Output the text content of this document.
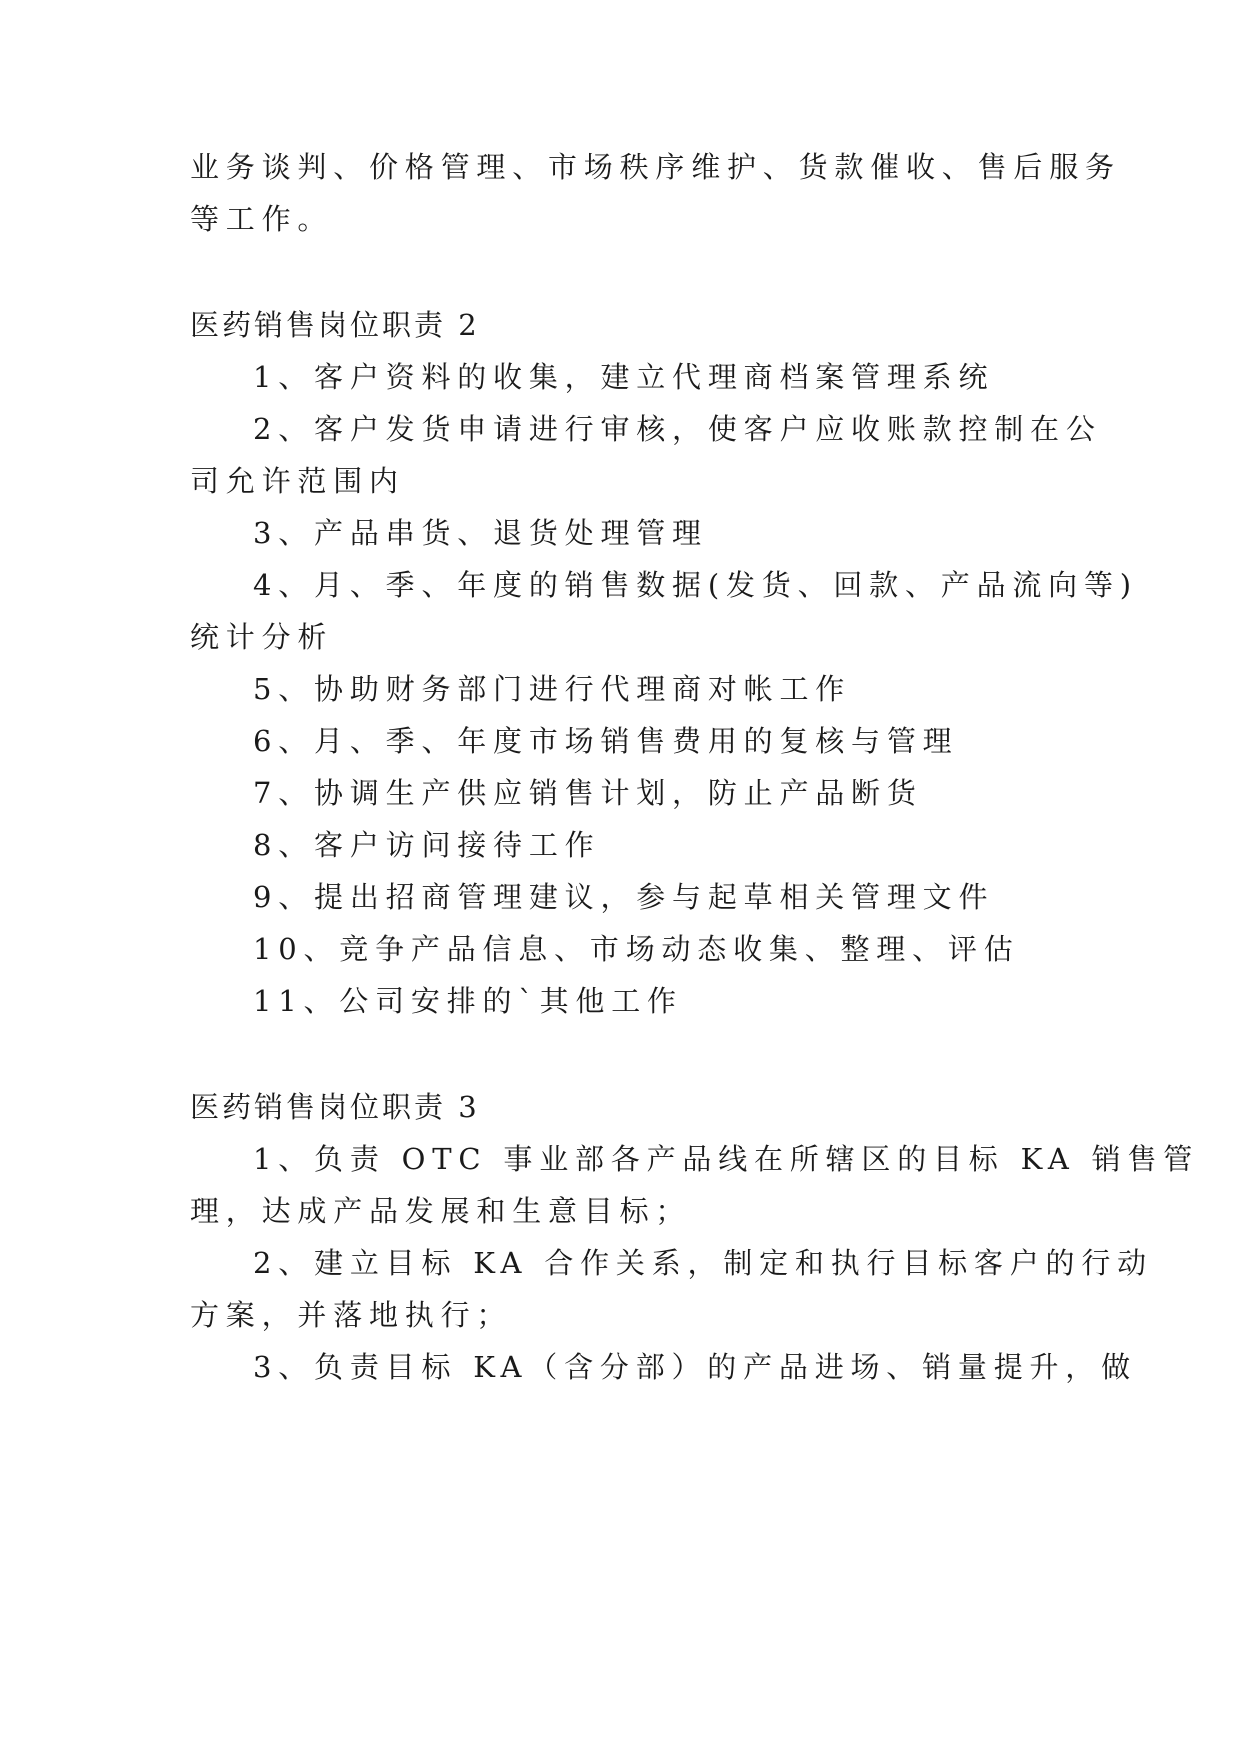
业务谈判、价格管理、市场秩序维护、货款催收、售后服务
等工作。
医药销售岗位职责 2
1、客户资料的收集，建立代理商档案管理系统
2、客户发货申请进行审核，使客户应收账款控制在公
司允许范围内
3、产品串货、退货处理管理
4、月、季、年度的销售数据(发货、回款、产品流向等)
统计分析
5、协助财务部门进行代理商对帐工作
6、月、季、年度市场销售费用的复核与管理
7、协调生产供应销售计划，防止产品断货
8、客户访问接待工作
9、提出招商管理建议，参与起草相关管理文件
10、竞争产品信息、市场动态收集、整理、评估
11、公司安排的`其他工作
医药销售岗位职责 3
1、负责 OTC 事业部各产品线在所辖区的目标 KA 销售管
理，达成产品发展和生意目标；
2、建立目标 KA 合作关系，制定和执行目标客户的行动
方案，并落地执行；
3、负责目标 KA（含分部）的产品进场、销量提升，做
